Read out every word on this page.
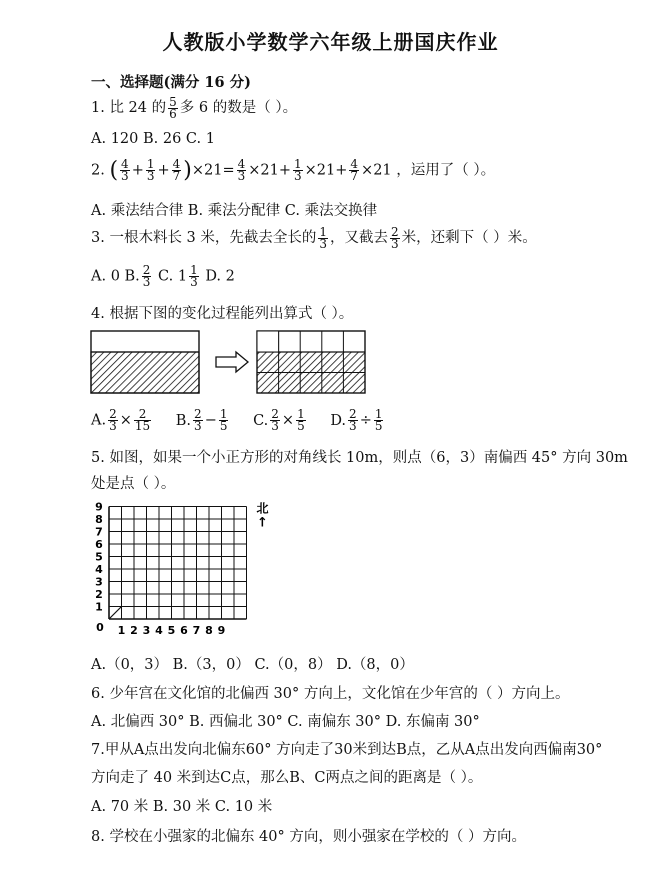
人教版小学数学六年级上册国庆作业
一、选择题(满分 16 分)
1. 比 24 的 $\frac{5}{6}$ 多 6 的数是（ ）。
A. 120 B. 26 C. 1
2. ( $\frac{4}{3} + \frac{1}{3} + \frac{4}{7} )\times 21= \frac{4}{3} \times 21+ \frac{1}{3} \times 21+ \frac{4}{7} \times 21$ ，运用了（ ）。
A. 乘法结合律 B. 乘法分配律 C. 乘法交换律
3. 一根木料长 3 米，先截去全长的 $\frac{1}{3}$ ，又截去 $\frac{2}{3}$ 米，还剩下（ ）米。
A. 0 B. $\frac{2}{3} C$. $1 \frac{1}{3} D$. 2
4. 根据下图的变化过程能列出算式（ ）。
A. $\frac{2}{3} \times \frac{2}{15} B$. $\frac{2}{3} - \frac{1}{5} C$. $\frac{2}{3} \times \frac{1}{5} D$. $\frac{2}{3} \div \frac{1}{5}$
5. 如图，如果一个小正方形的对角线长 10m，则点（6，3）南偏西 45° 方向 30m
处是点（ ）。
9
8
7
6
5
4
3
2
1
1 2 3 4 5 6 7 8 9
0
北
↑
A.（0，3） B.（3，0） C.（0，8） D.（8，0）
6. 少年宫在文化馆的北偏西 30° 方向上，文化馆在少年宫的（ ）方向上。
A. 北偏西 30° B. 西偏北 30° C. 南偏东 30° D. 东偏南 30°
7.甲从A点出发向北偏东60° 方向走了30米到达B点，乙从A点出发向西偏南30°
方向走了 40 米到达C点，那么B、C两点之间的距离是（ ）。
A. 70 米 B. 30 米 C. 10 米
8. 学校在小强家的北偏东 40° 方向，则小强家在学校的（ ）方向。
